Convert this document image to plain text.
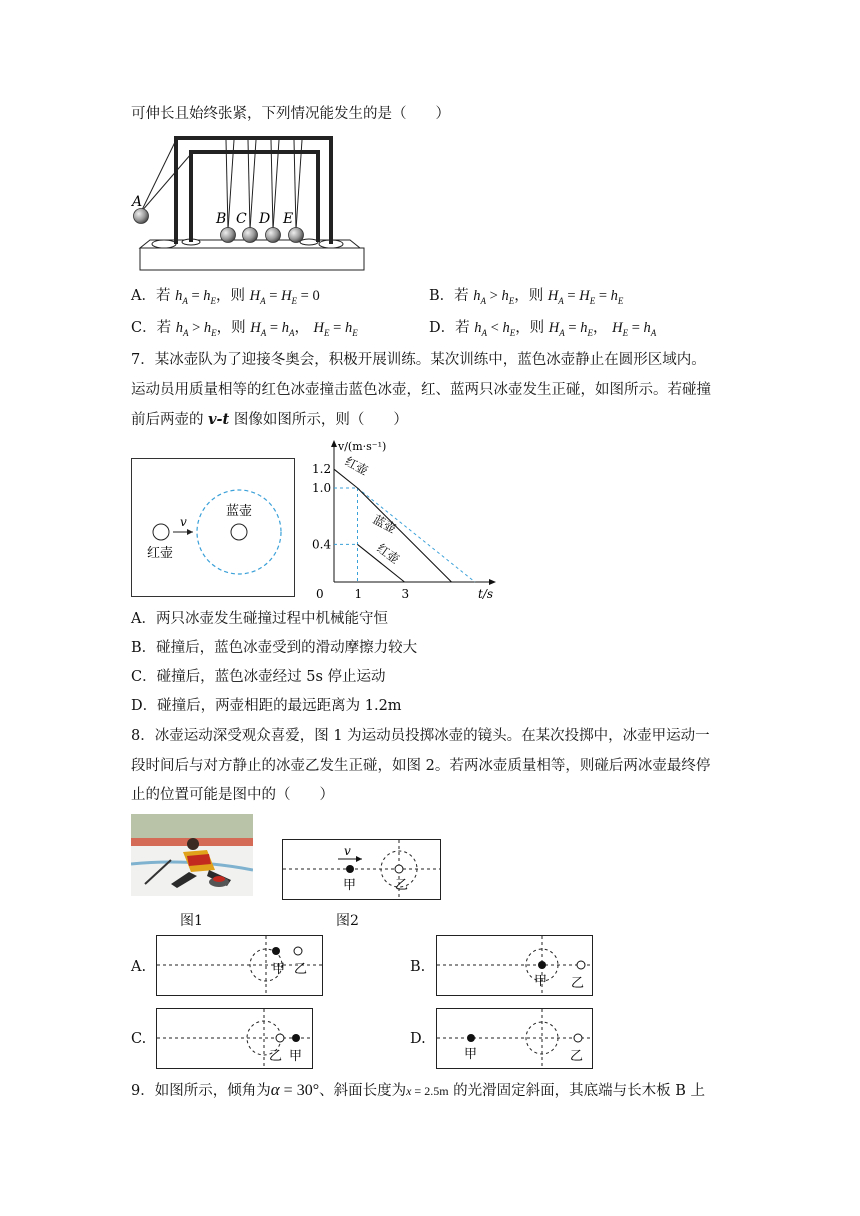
可伸长且始终张紧，下列情况能发生的是（　　）
A
B C D E
A．若 $h_A = h_E$，则 $H_A = H_E = 0$	B．若 $h_A > h_E$，则 $H_A = H_E = h_E$
C．若 $h_A > h_E$，则 $H_A = h_A$， $H_E = h_E$	D．若 $h_A < h_E$，则 $H_A = h_E$， $H_E = h_A$
7．某冰壶队为了迎接冬奥会，积极开展训练。某次训练中，蓝色冰壶静止在圆形区域内。
运动员用质量相等的红色冰壶撞击蓝色冰壶，红、蓝两只冰壶发生正碰，如图所示。若碰撞
前后两壶的 v-t 图像如图所示，则（　　）
v
红壶
蓝壶
1.2
1.0
0.4
0	1	3	t/s
v/(m·s⁻¹)
红壶
蓝壶
红壶
A．两只冰壶发生碰撞过程中机械能守恒
B．碰撞后，蓝色冰壶受到的滑动摩擦力较大
C．碰撞后，蓝色冰壶经过 5s 停止运动
D．碰撞后，两壶相距的最远距离为 1.2m
8．冰壶运动深受观众喜爱，图 1 为运动员投掷冰壶的镜头。在某次投掷中，冰壶甲运动一
段时间后与对方静止的冰壶乙发生正碰，如图 2。若两冰壶质量相等，则碰后两冰壶最终停
止的位置可能是图中的（　　）
图1
v
甲	乙
图2
A.	甲 乙	B.
甲 乙
C.
乙 甲
D.
甲	乙
9．如图所示，倾角为α = 30°、斜面长度为x = 2.5m 的光滑固定斜面，其底端与长木板 B 上
